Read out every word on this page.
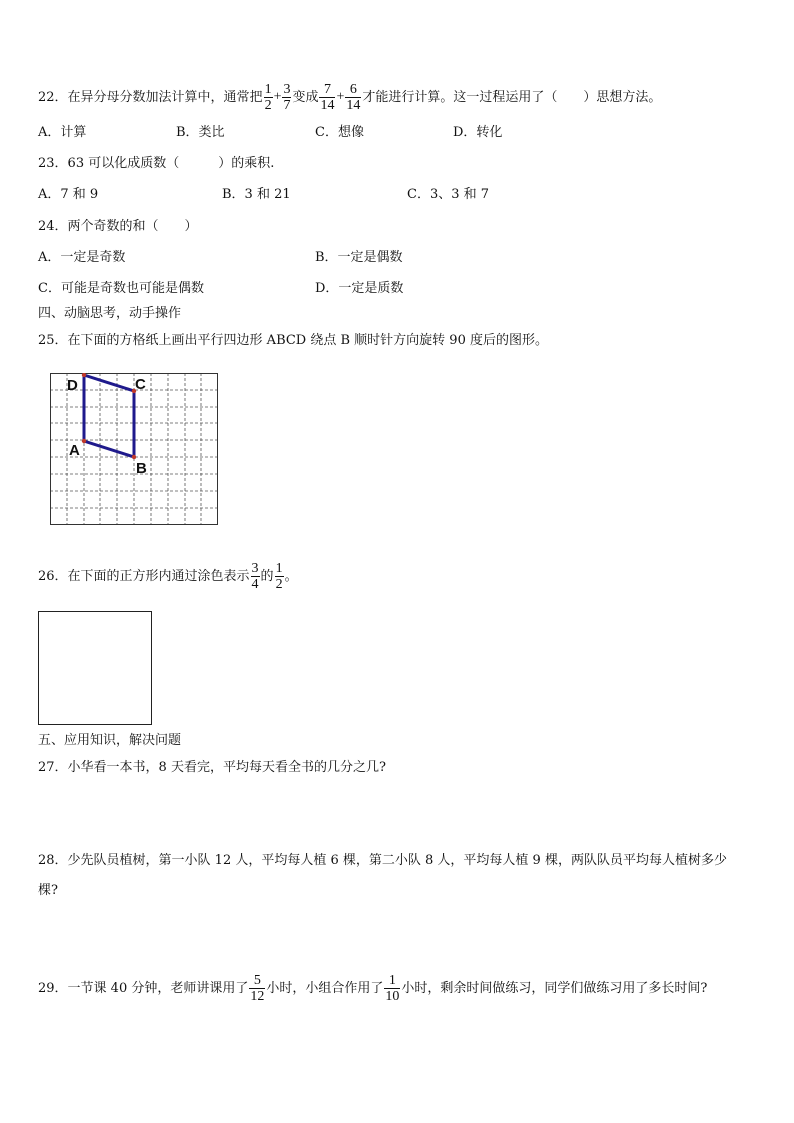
22．在异分母分数加法计算中，通常把 $\frac{1}{2} + \frac{3}{7}$ 变成 $\frac{7}{14} + \frac{6}{14}$ 才能进行计算。这一过程运用了（　　）思想方法。
A．计算	B．类比	C．想像	D．转化
23．63 可以化成质数（　　　）的乘积.
A．7 和 9	B．3 和 21	C．3、3 和 7
24．两个奇数的和（　　）
A．一定是奇数	B．一定是偶数
C．可能是奇数也可能是偶数	D．一定是质数
四、动脑思考，动手操作
25．在下面的方格纸上画出平行四边形 ABCD 绕点 B 顺时针方向旋转 90 度后的图形。
D	C
A
B
26．在下面的正方形内通过涂色表示 $\frac{3}{4}$ 的 $\frac{1}{2}$ 。
五、应用知识，解决问题
27．小华看一本书，8 天看完，平均每天看全书的几分之几?
28．少先队员植树，第一小队 12 人，平均每人植 6 棵，第二小队 8 人，平均每人植 9 棵，两队队员平均每人植树多少
棵?
29．一节课 40 分钟，老师讲课用了 $\frac{5}{12}$ 小时，小组合作用了 $\frac{1}{10}$ 小时，剩余时间做练习，同学们做练习用了多长时间?
